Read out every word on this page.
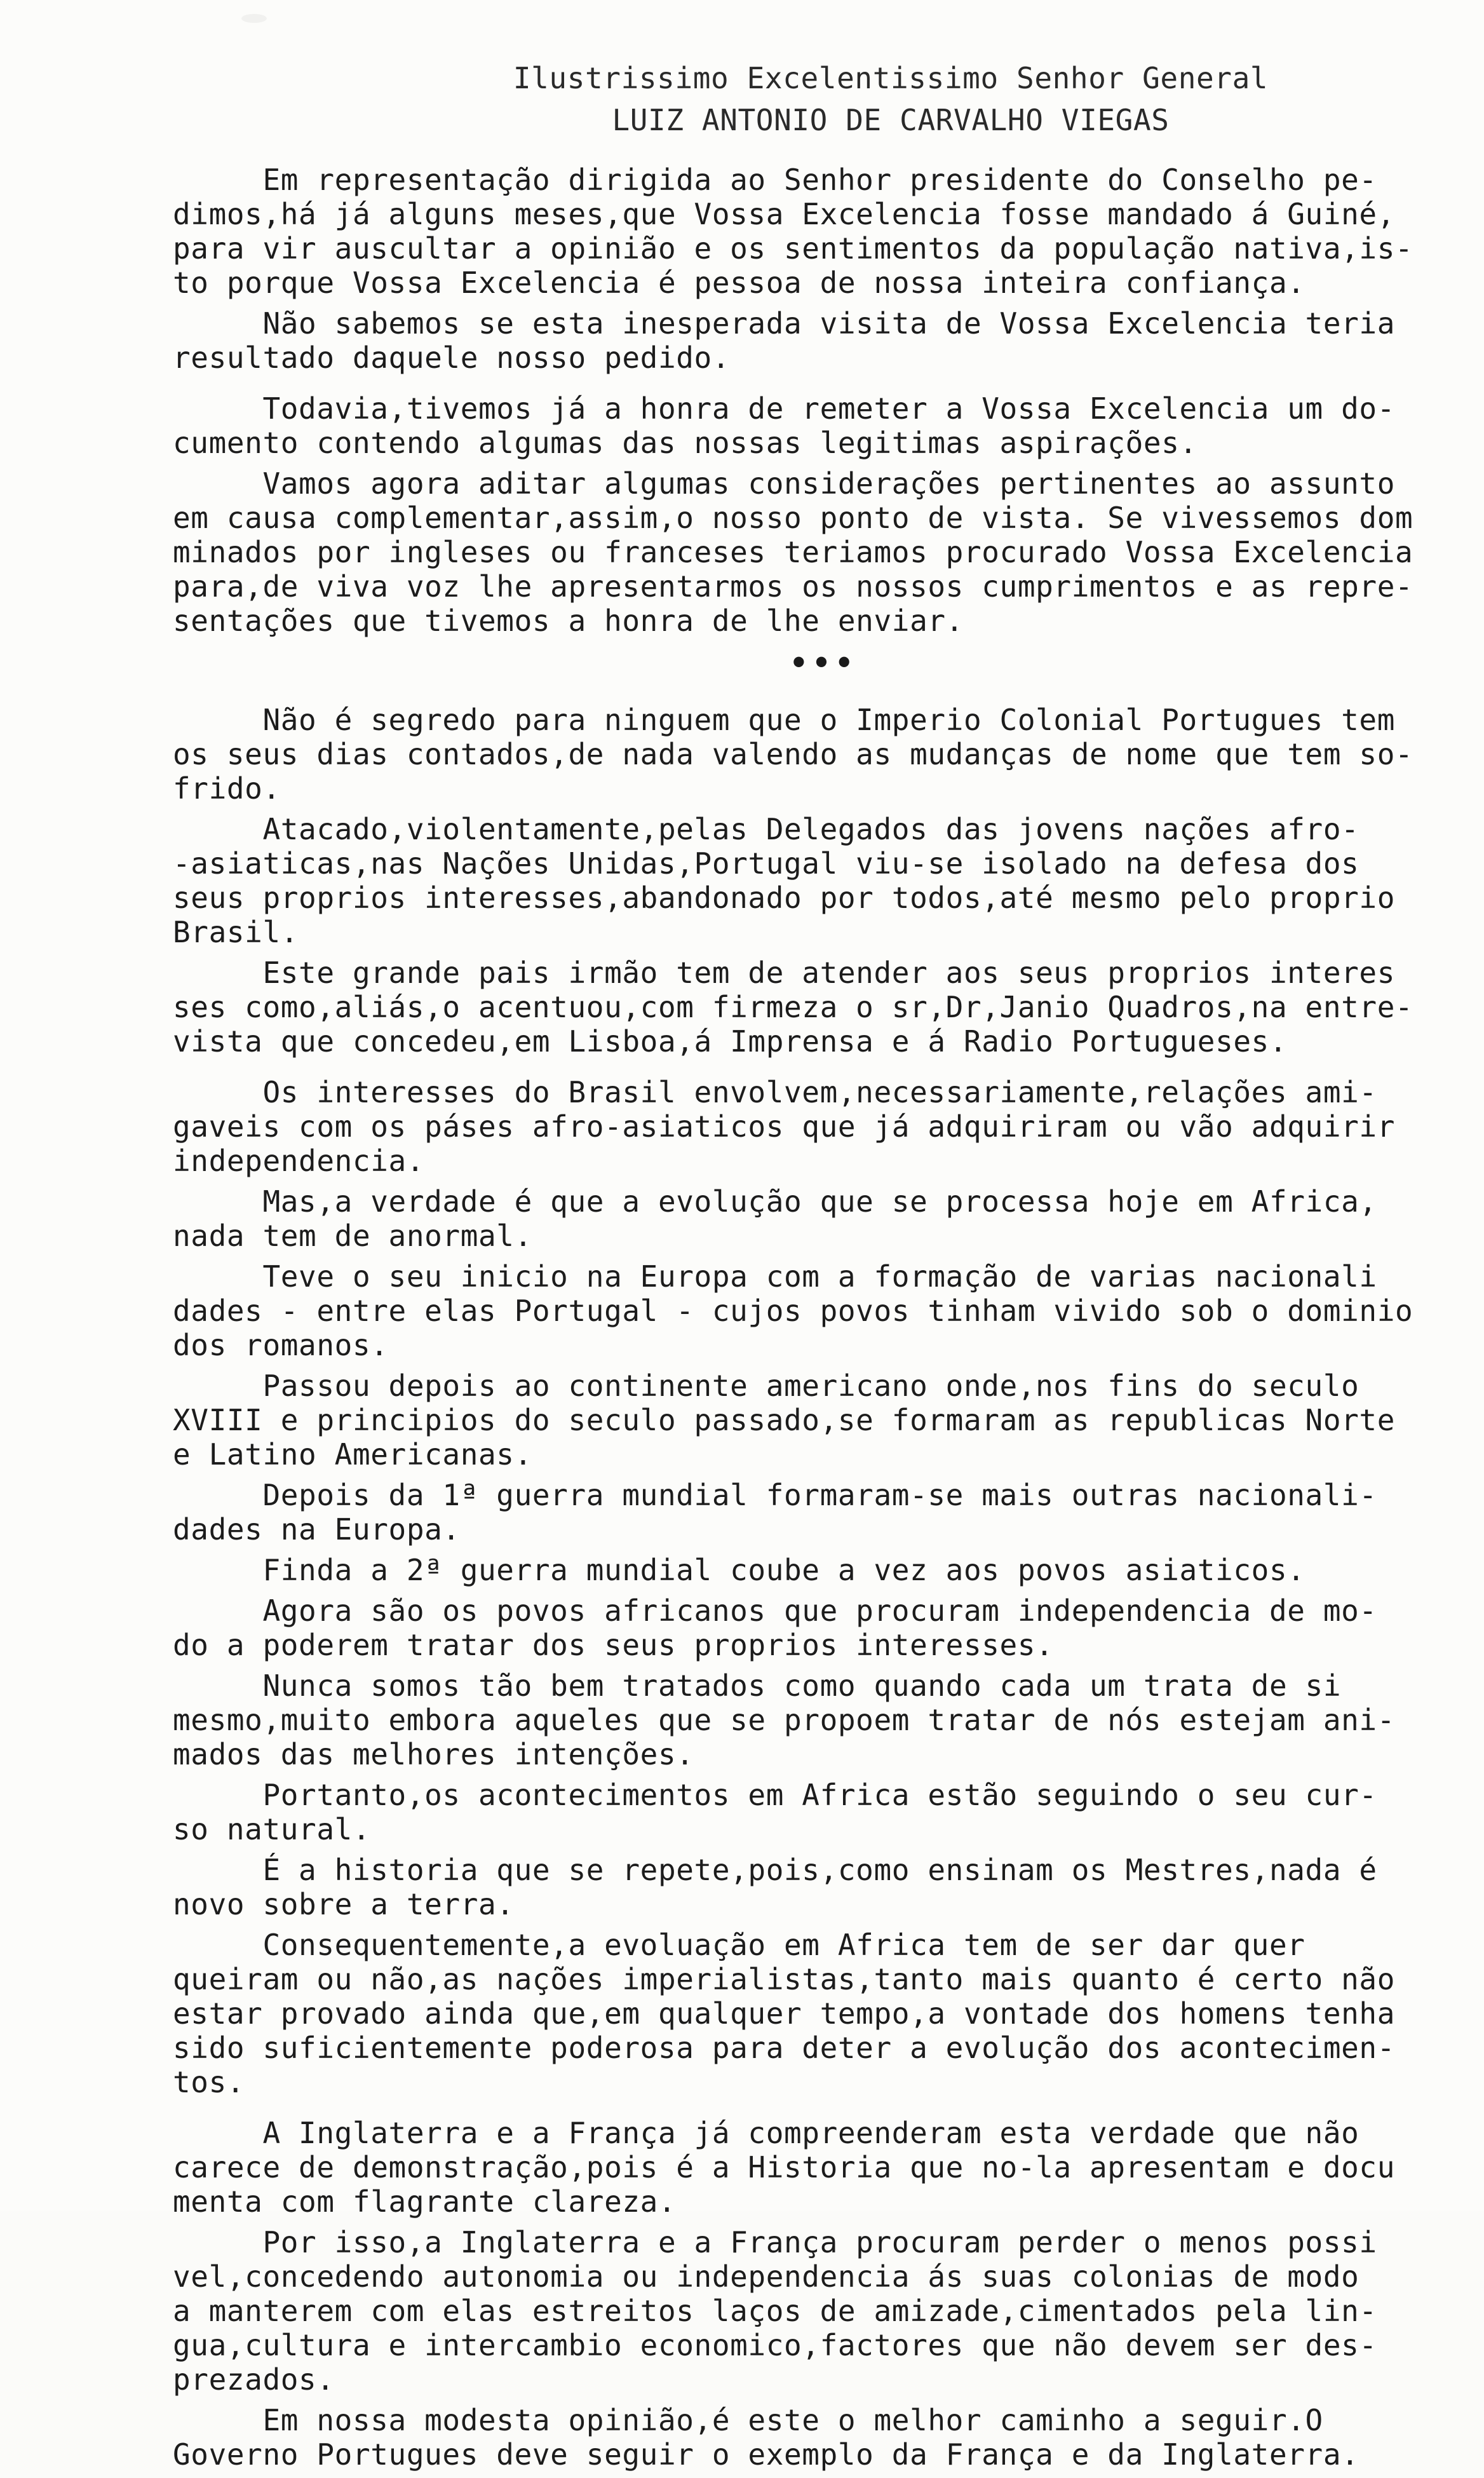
Ilustrissimo Excelentissimo Senhor General

LUIZ ANTONIO DE CARVALHO VIEGAS

Em representação dirigida ao Senhor presidente do Conselho pe-
dimos,há já alguns meses,que Vossa Excelencia fosse mandado á Guiné,
para vir auscultar a opinião e os sentimentos da população nativa,is-
to porque Vossa Excelencia é pessoa de nossa inteira confiança.

Não sabemos se esta inesperada visita de Vossa Excelencia teria
resultado daquele nosso pedido.

Todavia,tivemos já a honra de remeter a Vossa Excelencia um do-
cumento contendo algumas das nossas legitimas aspirações.

Vamos agora aditar algumas considerações pertinentes ao assunto
em causa complementar,assim,o nosso ponto de vista. Se vivessemos dom
minados por ingleses ou franceses teriamos procurado Vossa Excelencia
para,de viva voz lhe apresentarmos os nossos cumprimentos e as repre-
sentações que tivemos a honra de lhe enviar.

•••

Não é segredo para ninguem que o Imperio Colonial Portugues tem
os seus dias contados,de nada valendo as mudanças de nome que tem so-
frido.

Atacado,violentamente,pelas Delegados das jovens nações afro-
-asiaticas,nas Nações Unidas,Portugal viu-se isolado na defesa dos
seus proprios interesses,abandonado por todos,até mesmo pelo proprio
Brasil.

Este grande pais irmão tem de atender aos seus proprios interes
ses como,aliás,o acentuou,com firmeza o sr,Dr,Janio Quadros,na entre-
vista que concedeu,em Lisboa,á Imprensa e á Radio Portugueses.

Os interesses do Brasil envolvem,necessariamente,relações ami-
gaveis com os páses afro-asiaticos que já adquiriram ou vão adquirir
independencia.

Mas,a verdade é que a evolução que se processa hoje em Africa,
nada tem de anormal.

Teve o seu inicio na Europa com a formação de varias nacionali
dades - entre elas Portugal - cujos povos tinham vivido sob o dominio
dos romanos.

Passou depois ao continente americano onde,nos fins do seculo
XVIII e principios do seculo passado,se formaram as republicas Norte
e Latino Americanas.

Depois da 1ª guerra mundial formaram-se mais outras nacionali-
dades na Europa.

Finda a 2ª guerra mundial coube a vez aos povos asiaticos.

Agora são os povos africanos que procuram independencia de mo-
do a poderem tratar dos seus proprios interesses.

Nunca somos tão bem tratados como quando cada um trata de si
mesmo,muito embora aqueles que se propoem tratar de nós estejam ani-
mados das melhores intenções.

Portanto,os acontecimentos em Africa estão seguindo o seu cur-
so natural.

É a historia que se repete,pois,como ensinam os Mestres,nada é
novo sobre a terra.

Consequentemente,a evoluação em Africa tem de ser dar quer
queiram ou não,as nações imperialistas,tanto mais quanto é certo não
estar provado ainda que,em qualquer tempo,a vontade dos homens tenha
sido suficientemente poderosa para deter a evolução dos acontecimen-
tos.

A Inglaterra e a França já compreenderam esta verdade que não
carece de demonstração,pois é a Historia que no-la apresentam e docu
menta com flagrante clareza.

Por isso,a Inglaterra e a França procuram perder o menos possi
vel,concedendo autonomia ou independencia ás suas colonias de modo
a manterem com elas estreitos laços de amizade,cimentados pela lin-
gua,cultura e intercambio economico,factores que não devem ser des-
prezados.

Em nossa modesta opinião,é este o melhor caminho a seguir.O
Governo Portugues deve seguir o exemplo da França e da Inglaterra.
